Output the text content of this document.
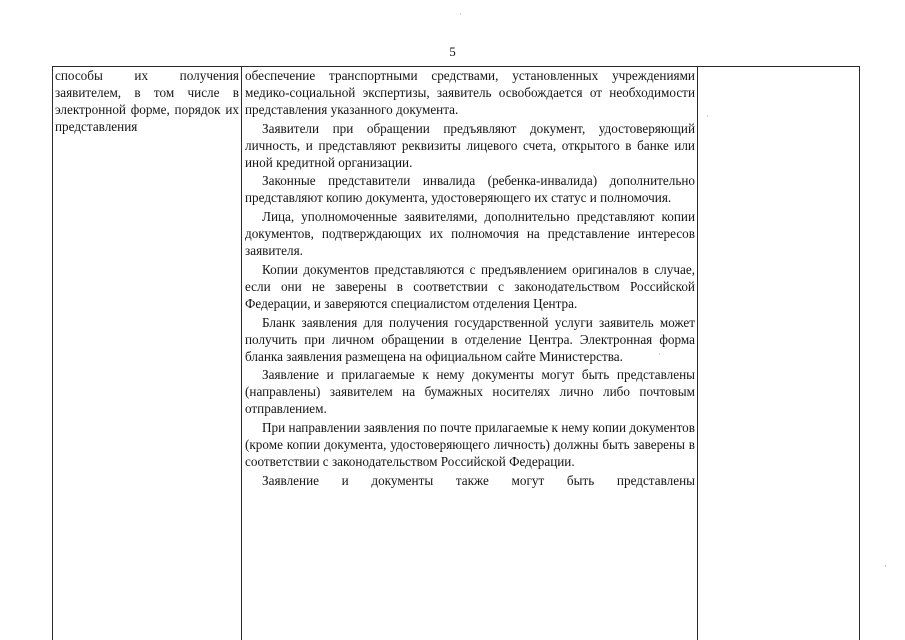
5
способы их получения заявителем, в том числе в электронной форме, порядок их представления

обеспечение транспортными средствами, установленных учреждениями медико-социальной экспертизы, заявитель освобождается от необходимости представления указанного документа.

Заявители при обращении предъявляют документ, удостоверяющий личность, и представляют реквизиты лицевого счета, открытого в банке или иной кредитной организации.

Законные представители инвалида (ребенка-инвалида) дополнительно представляют копию документа, удостоверяющего их статус и полномочия.

Лица, уполномоченные заявителями, дополнительно представляют копии документов, подтверждающих их полномочия на представление интересов заявителя.

Копии документов представляются с предъявлением оригиналов в случае, если они не заверены в соответствии с законодательством Российской Федерации, и заверяются специалистом отделения Центра.

Бланк заявления для получения государственной услуги заявитель может получить при личном обращении в отделение Центра. Электронная форма бланка заявления размещена на официальном сайте Министерства.

Заявление и прилагаемые к нему документы могут быть представлены (направлены) заявителем на бумажных носителях лично либо почтовым отправлением.

При направлении заявления по почте прилагаемые к нему копии документов (кроме копии документа, удостоверяющего личность) должны быть заверены в соответствии с законодательством Российской Федерации.

Заявление и документы также могут быть представлены

·
·
·
·
